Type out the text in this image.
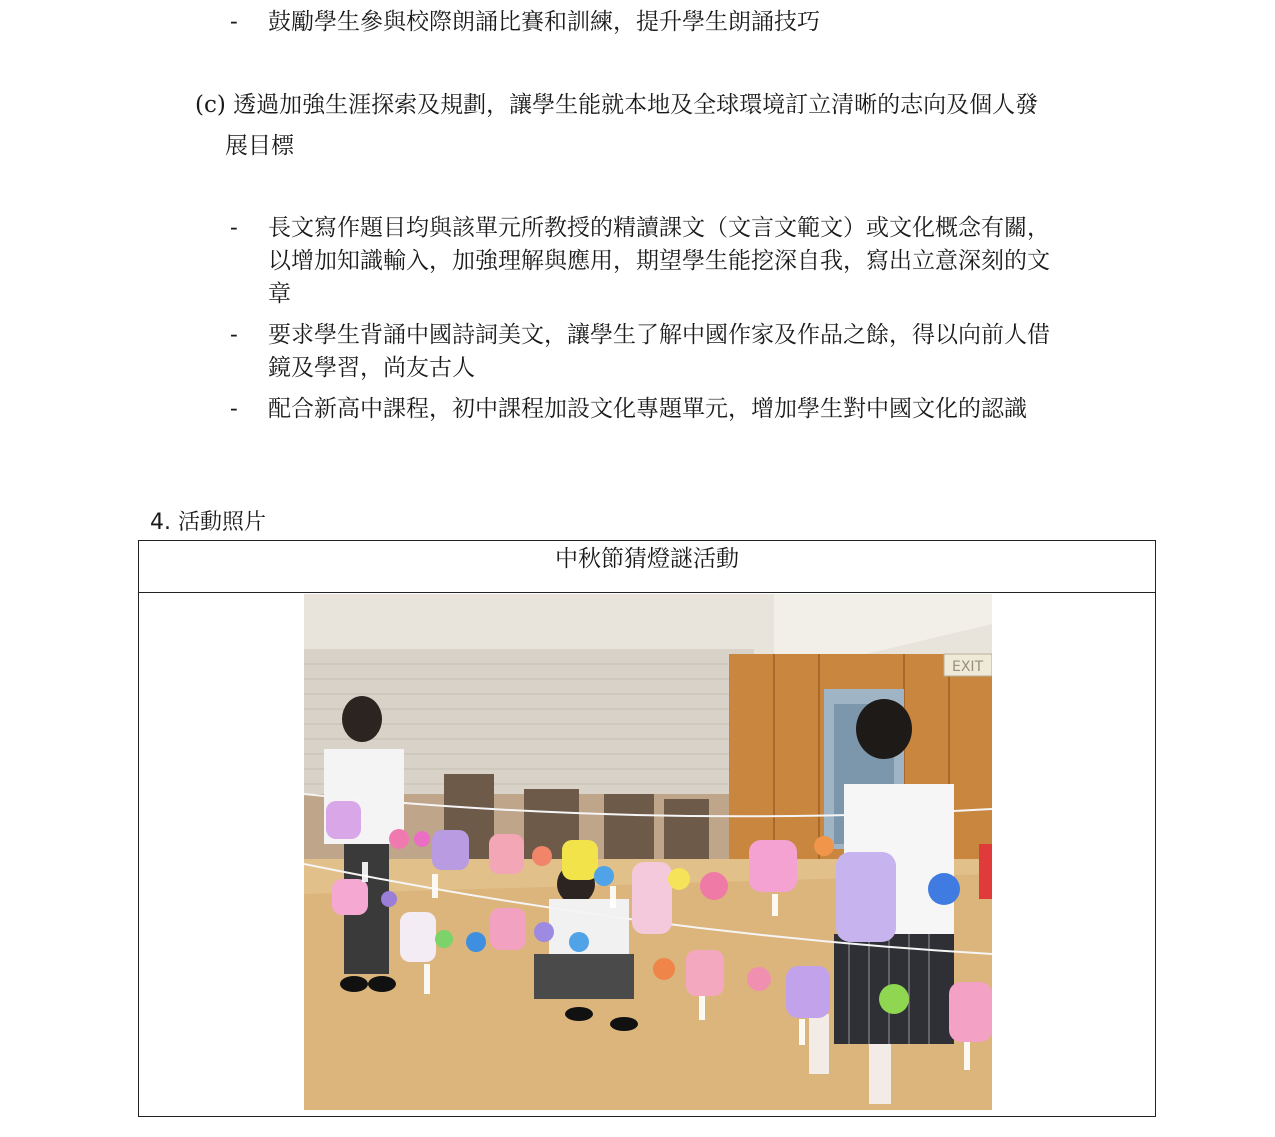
- 鼓勵學生參與校際朗誦比賽和訓練，提升學生朗誦技巧
(c) 透過加強生涯探索及規劃，讓學生能就本地及全球環境訂立清晰的志向及個人發
展目標
- 長文寫作題目均與該單元所教授的精讀課文（文言文範文）或文化概念有關，
以增加知識輸入，加強理解與應用，期望學生能挖深自我，寫出立意深刻的文
章
- 要求學生背誦中國詩詞美文，讓學生了解中國作家及作品之餘，得以向前人借
鏡及學習，尚友古人
- 配合新高中課程，初中課程加設文化專題單元，增加學生對中國文化的認識
4. 活動照片
中秋節猜燈謎活動
EXIT
